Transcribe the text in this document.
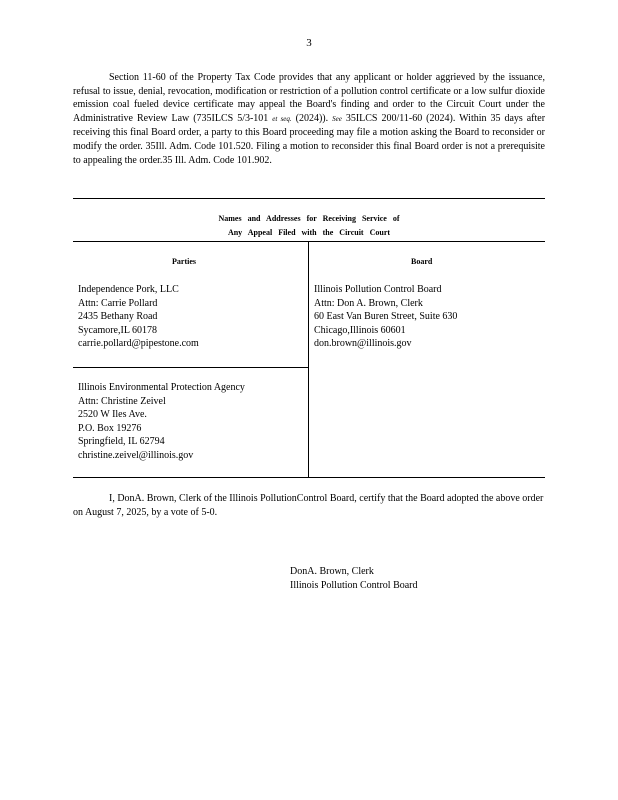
3

Section 11-60 of the Property Tax Code provides that any applicant or holder aggrieved by the issuance, refusal to issue, denial, revocation, modification or restriction of a pollution control certificate or a low sulfur dioxide emission coal fueled device certificate may appeal the Board's finding and order to the Circuit Court under the Administrative Review Law (735ILCS 5/3-101 et seq. (2024)). See 35ILCS 200/11-60 (2024). Within 35 days after receiving this final Board order, a party to this Board proceeding may file a motion asking the Board to reconsider or modify the order. 35Ill. Adm. Code 101.520. Filing a motion to reconsider this final Board order is not a prerequisite to appealing the order.35 Ill. Adm. Code 101.902.

Names and Addresses for Receiving Service of
Any Appeal Filed with the Circuit Court
Parties	Board
Independence Pork, LLC
Attn: Carrie Pollard
2435 Bethany Road
Sycamore,IL 60178
carrie.pollard@pipestone.com
Illinois Environmental Protection Agency
Attn: Christine Zeivel
2520 W Iles Ave.
P.O. Box 19276
Springfield, IL 62794
christine.zeivel@illinois.gov
Illinois Pollution Control Board
Attn: Don A. Brown, Clerk
60 East Van Buren Street, Suite 630
Chicago,Illinois 60601
don.brown@illinois.gov

I, DonA. Brown, Clerk of the Illinois PollutionControl Board, certify that the Board adopted the above order on August 7, 2025, by a vote of 5-0.

DonA. Brown, Clerk
Illinois Pollution Control Board
